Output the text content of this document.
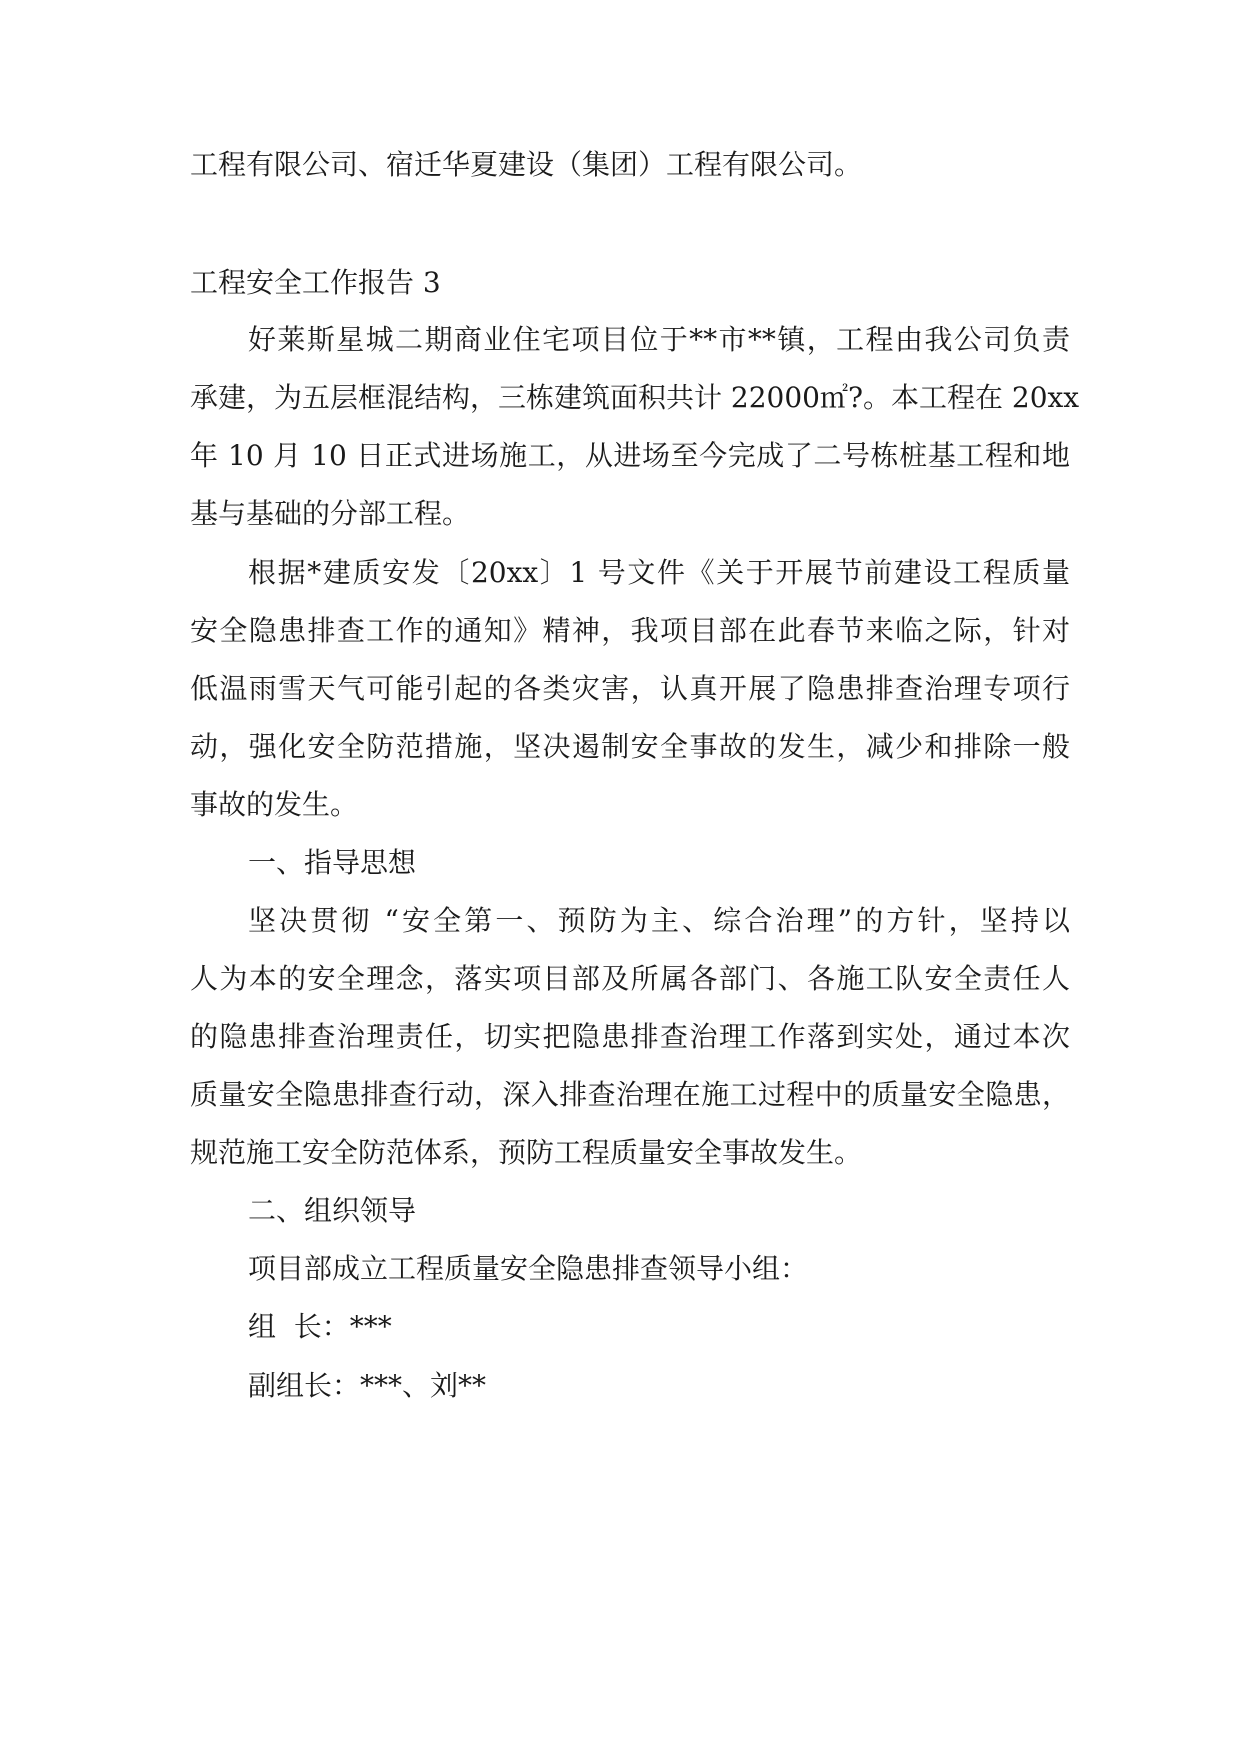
工程有限公司、宿迁华夏建设（集团）工程有限公司。
工程安全工作报告 3
好莱斯星城二期商业住宅项目位于**市**镇，工程由我公司负责
承建，为五层框混结构，三栋建筑面积共计 22000㎡?。本工程在 20xx
年 10 月 10 日正式进场施工，从进场至今完成了二号栋桩基工程和地
基与基础的分部工程。
根据*建质安发〔20xx〕1 号文件《关于开展节前建设工程质量
安全隐患排查工作的通知》精神，我项目部在此春节来临之际，针对
低温雨雪天气可能引起的各类灾害，认真开展了隐患排查治理专项行
动，强化安全防范措施，坚决遏制安全事故的发生，减少和排除一般
事故的发生。
一、指导思想
坚决贯彻 “安全第一、预防为主、综合治理”的方针，坚持以
人为本的安全理念，落实项目部及所属各部门、各施工队安全责任人
的隐患排查治理责任，切实把隐患排查治理工作落到实处，通过本次
质量安全隐患排查行动，深入排查治理在施工过程中的质量安全隐患，
规范施工安全防范体系，预防工程质量安全事故发生。
二、组织领导
项目部成立工程质量安全隐患排查领导小组：
组  长：***
副组长：***、刘**
